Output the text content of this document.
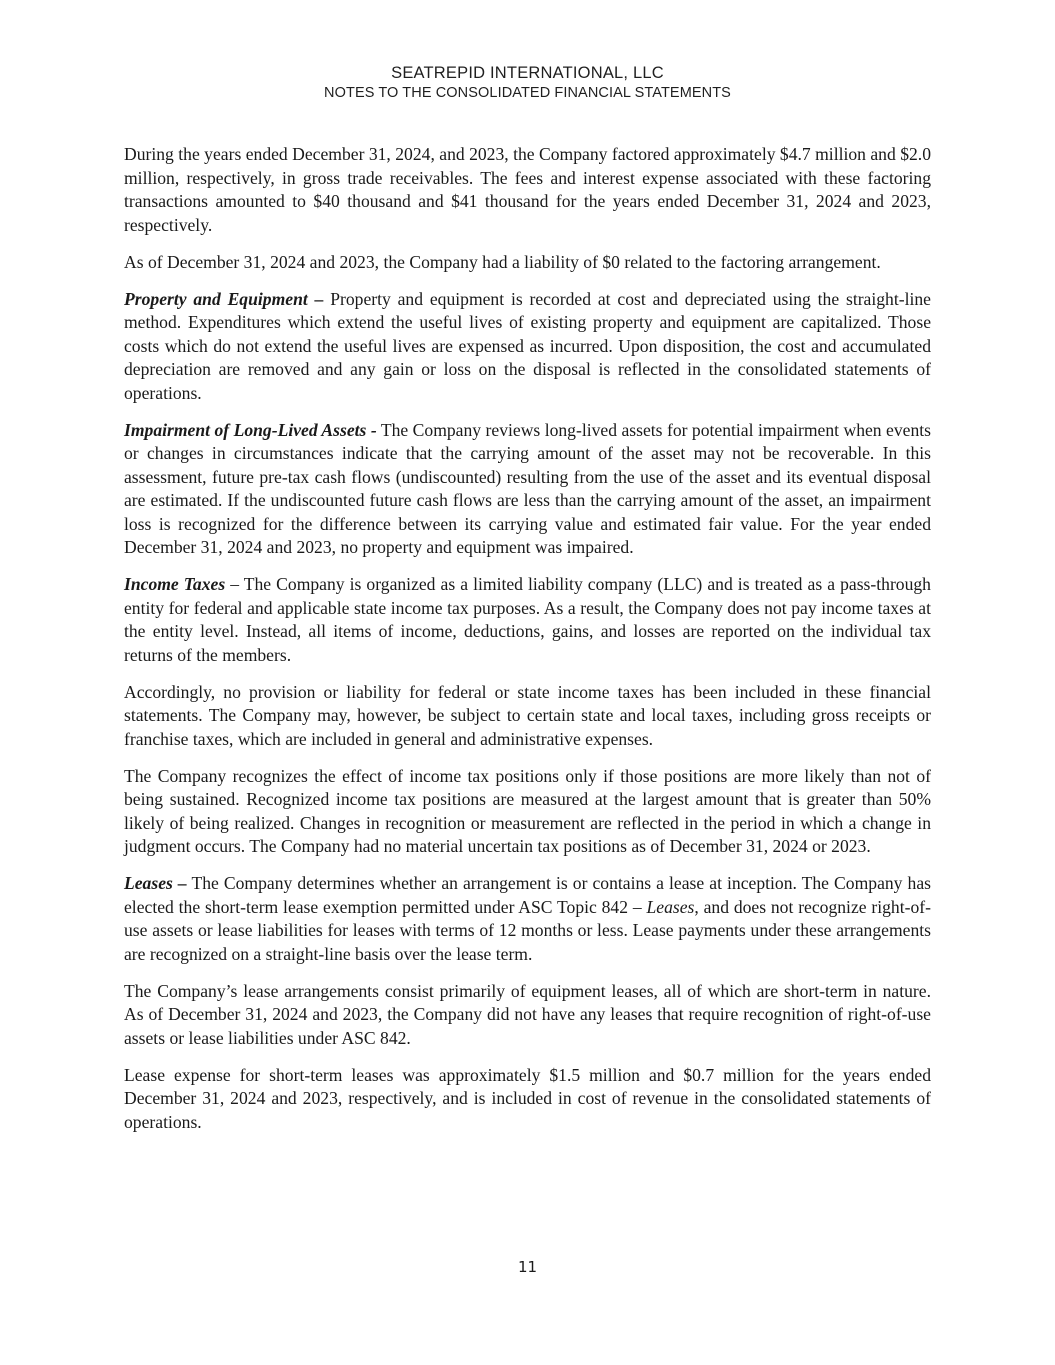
SEATREPID INTERNATIONAL, LLC
NOTES TO THE CONSOLIDATED FINANCIAL STATEMENTS

During the years ended December 31, 2024, and 2023, the Company factored approximately $4.7 million and $2.0 million, respectively, in gross trade receivables. The fees and interest expense associated with these factoring transactions amounted to $40 thousand and $41 thousand for the years ended December 31, 2024 and 2023, respectively.

As of December 31, 2024 and 2023, the Company had a liability of $0 related to the factoring arrangement.

Property and Equipment – Property and equipment is recorded at cost and depreciated using the straight-line method. Expenditures which extend the useful lives of existing property and equipment are capitalized. Those costs which do not extend the useful lives are expensed as incurred. Upon disposition, the cost and accumulated depreciation are removed and any gain or loss on the disposal is reflected in the consolidated statements of operations.

Impairment of Long-Lived Assets - The Company reviews long-lived assets for potential impairment when events or changes in circumstances indicate that the carrying amount of the asset may not be recoverable. In this assessment, future pre-tax cash flows (undiscounted) resulting from the use of the asset and its eventual disposal are estimated. If the undiscounted future cash flows are less than the carrying amount of the asset, an impairment loss is recognized for the difference between its carrying value and estimated fair value. For the year ended December 31, 2024 and 2023, no property and equipment was impaired.

Income Taxes – The Company is organized as a limited liability company (LLC) and is treated as a pass-through entity for federal and applicable state income tax purposes. As a result, the Company does not pay income taxes at the entity level. Instead, all items of income, deductions, gains, and losses are reported on the individual tax returns of the members.

Accordingly, no provision or liability for federal or state income taxes has been included in these financial statements. The Company may, however, be subject to certain state and local taxes, including gross receipts or franchise taxes, which are included in general and administrative expenses.

The Company recognizes the effect of income tax positions only if those positions are more likely than not of being sustained. Recognized income tax positions are measured at the largest amount that is greater than 50% likely of being realized. Changes in recognition or measurement are reflected in the period in which a change in judgment occurs. The Company had no material uncertain tax positions as of December 31, 2024 or 2023.

Leases – The Company determines whether an arrangement is or contains a lease at inception. The Company has elected the short-term lease exemption permitted under ASC Topic 842 – Leases, and does not recognize right-of-use assets or lease liabilities for leases with terms of 12 months or less. Lease payments under these arrangements are recognized on a straight-line basis over the lease term.

The Company’s lease arrangements consist primarily of equipment leases, all of which are short-term in nature. As of December 31, 2024 and 2023, the Company did not have any leases that require recognition of right-of-use assets or lease liabilities under ASC 842.

Lease expense for short-term leases was approximately $1.5 million and $0.7 million for the years ended December 31, 2024 and 2023, respectively, and is included in cost of revenue in the consolidated statements of operations.

11
